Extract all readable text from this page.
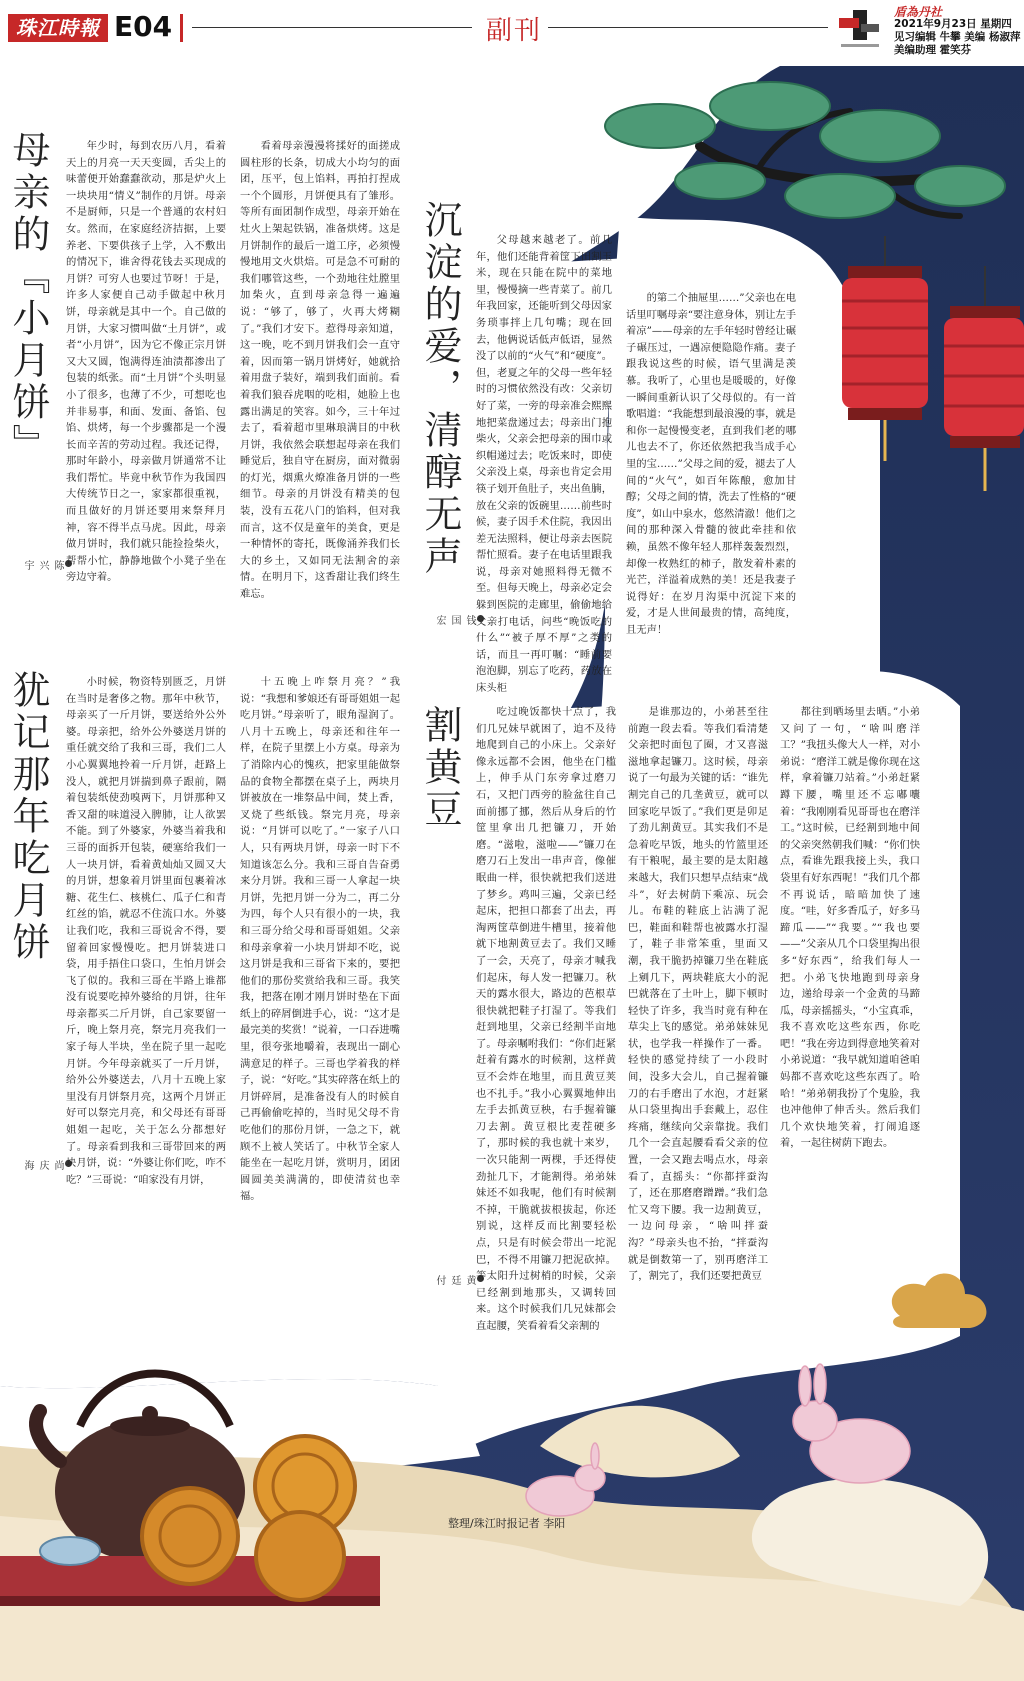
珠江時報 E04	副刊
盾為丹社
2021年9月23日 星期四
见习编辑 牛攀 美编 杨淑萍
美编助理 霍笑芬
母亲的『小月饼』
陈兴宇
年少时，每到农历八月，看着天上的月亮一天天变圆，舌尖上的味蕾便开始蠢蠢欲动，那是炉火上一块块用“情义”制作的月饼。母亲不是厨师，只是一个普通的农村妇女。然而，在家庭经济拮据，上要养老、下要供孩子上学，入不敷出的情况下，谁舍得花钱去买现成的月饼？可穷人也要过节呀！于是，许多人家便自己动手做起中秋月饼，母亲就是其中一个。自己做的月饼，大家习惯叫做“土月饼”，或者“小月饼”，因为它不像正宗月饼又大又圆，饱满得连油渍都渗出了包装的纸张。而“土月饼”个头明显小了很多，也薄了不少，可想吃也并非易事，和面、发面、备馅、包馅、烘烤，每一个步骤都是一个漫长而辛苦的劳动过程。我还记得，那时年龄小，母亲做月饼通常不让我们帮忙。毕竟中秋节作为我国四大传统节日之一，家家都很重视，而且做好的月饼还要用来祭拜月神，容不得半点马虎。因此，母亲做月饼时，我们就只能捡捡柴火，帮帮小忙，静静地做个小凳子坐在旁边守着。
看着母亲漫漫将揉好的面搓成圆柱形的长条，切成大小均匀的面团，压平，包上馅料，再拍打捏成一个个圆形，月饼便具有了雏形。等所有面团制作成型，母亲开始在灶火上架起铁锅，准备烘烤。这是月饼制作的最后一道工序，必须慢慢地用文火烘焙。可是急不可耐的我们哪管这些，一个劲地往灶膛里加柴火，直到母亲急得一遍遍说：“够了，够了，火再大烤糊了。”我们才安下。惹得母亲知道，这一晚，吃不到月饼我们会一直守着，因而第一锅月饼烤好，她就拾着用盘子装好，端到我们面前。看着我们狼吞虎咽的吃相，她脸上也露出满足的笑容。如今，三十年过去了，看着超市里琳琅满目的中秋月饼，我依然会联想起母亲在我们睡觉后，独自守在厨房，面对微弱的灯光，烟熏火燎准备月饼的一些细节。母亲的月饼没有精美的包装，没有五花八门的馅料，但对我而言，这不仅是童年的美食，更是一种情怀的寄托，既像涌养我们长大的乡土，又如同无法割舍的亲情。在明月下，这香甜让我们终生难忘。
沉淀的爱，清醇无声
钱国宏
父母越来越老了。前几年，他们还能背着筐下田割玉米，现在只能在院中的菜地里，慢慢摘一些青菜了。前几年我回家，还能听到父母因家务琐事拌上几句嘴；现在回去，他俩说话低声低语，显然没了以前的“火气”和“硬度”。但，老夏之年的父母一些年轻时的习惯依然没有改：父亲切好了菜，一旁的母亲准会熙熙地把菜盘递过去；母亲出门抱柴火，父亲会把母亲的围巾或织帽递过去；吃饭来时，即使父亲没上桌，母亲也肯定会用筷子划开鱼肚子，夹出鱼腩，放在父亲的饭碗里……前些时候，妻子因手术住院，我因出差无法照料，便让母亲去医院帮忙照看。妻子在电话里跟我说，母亲对她照料得无微不至。但每天晚上，母亲必定会躲到医院的走廊里，偷偷地给父亲打电话，问些“晚饭吃的什么”“被子厚不厚”之类的话，而且一再叮嘱：“睡前要泡泡脚，别忘了吃药，药放在床头柜
的第二个抽屉里……”父亲也在电话里叮嘱母亲“要注意身体，别让左手着凉”——母亲的左手年轻时曾经让碾子碾压过，一遇凉便隐隐作痛。妻子跟我说这些的时候，语气里满是羡慕。我听了，心里也是暖暖的，好像一瞬间重新认识了父母似的。有一首歌唱道：“我能想到最浪漫的事，就是和你一起慢慢变老，直到我们老的哪儿也去不了，你还依然把我当成手心里的宝……”父母之间的爱，褪去了人间的“火气”，如百年陈酿，愈加甘醇；父母之间的情，洗去了性格的“硬度”，如山中泉水，悠然清澈！他们之间的那种深入骨髓的彼此牵挂和依赖，虽然不像年轻人那样轰轰烈烈，却像一枚熟红的柿子，散发着朴素的光芒，洋溢着成熟的美！还是我妻子说得好：在岁月沟渠中沉淀下来的爱，才是人世间最贵的情，高纯度，且无声！
犹记那年吃月饼
尚庆海
小时候，物资特别匮乏，月饼在当时是奢侈之物。那年中秋节，母亲买了一斤月饼，要送给外公外婆。母亲把，给外公外婆送月饼的重任就交给了我和三哥，我们二人小心翼翼地拎着一斤月饼，赶路上没人，就把月饼揣到鼻子跟前，隔着包装纸使劲嗅两下，月饼那种又香又甜的味道浸入脾肺，让人欲罢不能。到了外婆家，外婆当着我和三哥的面拆开包装，硬塞给我们一人一块月饼，看着黄灿灿又圆又大的月饼，想象着月饼里面包裹着冰糖、花生仁、核桃仁、瓜子仁和青红丝的馅，就忍不住流口水。外婆让我们吃，我和三哥说舍不得，要留着回家慢慢吃。把月饼装进口袋，用手捂住口袋口，生怕月饼会飞了似的。我和三哥在半路上谁都没有说要吃掉外婆给的月饼，往年母亲都买二斤月饼，自己家要留一斤，晚上祭月亮，祭完月亮我们一家子每人半块，坐在院子里一起吃月饼。今年母亲就买了一斤月饼，给外公外婆送去，八月十五晚上家里没有月饼祭月亮，这两个月饼正好可以祭完月亮，和父母还有哥哥姐姐一起吃，关于怎么分都想好了。母亲看到我和三哥带回来的两块月饼，说：“外婆让你们吃，咋不吃？”三哥说：“咱家没有月饼，
十五晚上咋祭月亮？”我说：“我想和爹娘还有哥哥姐姐一起吃月饼。”母亲听了，眼角湿润了。八月十五晚上，母亲还和往年一样，在院子里摆上小方桌。母亲为了消除内心的愧疚，把家里能做祭品的食物全都摆在桌子上，两块月饼被放在一堆祭品中间，焚上香，叉烧了些纸钱。祭完月亮，母亲说：“月饼可以吃了。”一家子八口人，只有两块月饼，母亲一时下不知道该怎么分。我和三哥自告奋勇来分月饼。我和三哥一人拿起一块月饼，先把月饼一分为二，再二分为四，每个人只有很小的一块，我和三哥分给父母和哥哥姐姐。父亲和母亲拿着一小块月饼却不吃，说这月饼是我和三哥省下来的，要把他们的那份奖赏给我和三哥。我笑我，把落在刚才刚月饼时垫在下面纸上的碎屑倒进手心，说：“这才是最完美的奖赏！”说着，一口吞进嘴里，很夸张地嚼着，表现出一副心满意足的样子。三哥也学着我的样子，说：“好吃。”其实碎落在纸上的月饼碎屑，是准备没有人的时候自己再偷偷吃掉的，当时见父母不肯吃他们的那份月饼，一急之下，就顾不上被人笑话了。中秋节全家人能坐在一起吃月饼，赏明月，团团圆圆美美满满的，即使清贫也幸福。
割黄豆
黄廷付
吃过晚饭都快十点了，我们几兄妹早就困了，迫不及待地爬到自己的小床上。父亲好像永远都不会困，他坐在门槛上，伸手从门东旁拿过磨刀石，又把门西旁的脸盆往自己面前挪了挪，然后从身后的竹筐里拿出几把镰刀，开始磨。“滋啦，滋啦——”镰刀在磨刀石上发出一串声音，像催眠曲一样，很快就把我们送进了梦乡。鸡叫三遍，父亲已经起床，把担口都套了出去，再淘两筐草倒进牛槽里，接着他就下地割黄豆去了。我们又睡了一会，天亮了，母亲才喊我们起床，每人发一把镰刀。秋天的露水很大，路边的芭根草很快就把鞋子打湿了。等我们赶到地里，父亲已经割半亩地了。母亲嘱咐我们：“你们赶紧赶着有露水的时候割，这样黄豆不会炸在地里，而且黄豆荚也不扎手。”我小心翼翼地伸出左手去抓黄豆秧，右手握着镰刀去割。黄豆根比麦茬硬多了，那时候的我也就十来岁，一次只能割一两棵，手还得使劲扯几下，才能割得。弟弟妹妹还不如我呢，他们有时候割不掉，干脆就拔根拔起，你还别说，这样反而比割要轻松点，只是有时候会带出一坨泥巴，不得不用镰刀把泥砍掉。等太阳升过树梢的时候，父亲已经割到地那头，又调转回来。这个时候我们几兄妹都会直起腰，笑看着看父亲割的
是谁那边的，小弟甚至往前跑一段去看。等我们看清楚父亲把时面包了圈，才又喜滋滋地拿起镰刀。这时候，母亲说了一句最为关键的话：“谁先割完自己的几垄黄豆，就可以回家吃早饭了。”我们更是卯足了劲儿割黄豆。其实我们不是急着吃早饭，地头的竹篮里还有干粮呢，最主要的是太阳越来越大，我们只想早点结束“战斗”，好去树荫下乘凉、玩会儿。布鞋的鞋底上沾满了泥巴，鞋面和鞋帮也被露水打湿了，鞋子非常笨重，里面又潮，我干脆扔掉镰刀坐在鞋底上剜几下，两块鞋底大小的泥巴就落在了土叶上，脚下顿时轻快了许多，我当时竟有种在草尖上飞的感觉。弟弟妹妹见状，也学我一样操作了一番。轻快的感觉持续了一小段时间，没多大会儿，自己握着镰刀的右手磨出了水泡，才赶紧从口袋里掏出手套戴上，忍住疼痛，继续向父亲靠拢。我们几个一会直起腰看看父亲的位置，一会又跑去喝点水，母亲看了，直摇头：“你都拌蚕沟了，还在那磨磨蹭蹭。”我们急忙又弯下腰。我一边割黄豆，一边问母亲，“啥叫拌蚕沟？”母亲头也不抬，“拌蚕沟就是倒数第一了，别再磨洋工了，割完了，我们还要把黄豆
都往到晒场里去晒。”小弟又问了一句，“啥叫磨洋工？”我扭头像大人一样，对小弟说：“磨洋工就是像你现在这样，拿着镰刀站着。”小弟赶紧蹲下腰，嘴里还不忘嘟囔着：“我刚刚看见哥哥也在磨洋工。”这时候，已经割到地中间的父亲突然朝我们喊：“你们快点，看谁先跟我接上头，我口袋里有好东西呢！”我们几个都不再说话，暗暗加快了速度。“哇，好多香瓜子，好多马蹄瓜——”“我要。”“我也要——”父亲从几个口袋里掏出很多“好东西”，给我们每人一把。小弟飞快地跑到母亲身边，递给母亲一个金黄的马蹄瓜，母亲摇摇头，“小宝真乖，我不喜欢吃这些东西，你吃吧！”我在旁边到得意地笑着对小弟说道：“我早就知道咱爸咱妈都不喜欢吃这些东西了。哈哈！”弟弟朝我扮了个鬼脸，我也冲他伸了伸舌头。然后我们几个欢快地笑着，打闹追逐着，一起往树荫下跑去。
整理/珠江时报记者 李阳
